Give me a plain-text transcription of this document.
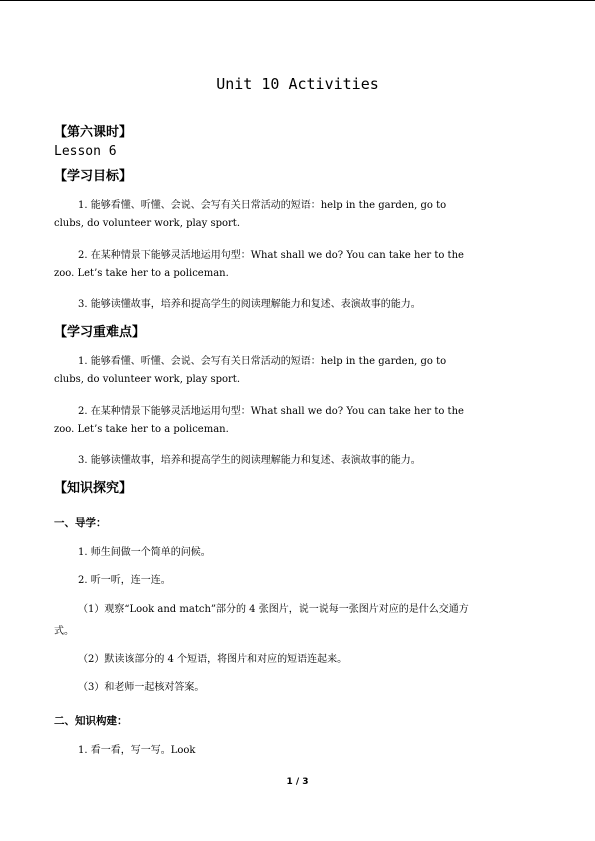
Unit 10 Activities
【第六课时】
Lesson 6
【学习目标】
1. 能够看懂、听懂、会说、会写有关日常活动的短语：help in the garden, go to
clubs, do volunteer work, play sport.
2. 在某种情景下能够灵活地运用句型：What shall we do? You can take her to the
zoo. Let’s take her to a policeman.
3. 能够读懂故事，培养和提高学生的阅读理解能力和复述、表演故事的能力。
【学习重难点】
1. 能够看懂、听懂、会说、会写有关日常活动的短语：help in the garden, go to
clubs, do volunteer work, play sport.
2. 在某种情景下能够灵活地运用句型：What shall we do? You can take her to the
zoo. Let’s take her to a policeman.
3. 能够读懂故事，培养和提高学生的阅读理解能力和复述、表演故事的能力。
【知识探究】
一、导学：
1. 师生间做一个简单的问候。
2. 听一听，连一连。
（1）观察“Look and match”部分的 4 张图片，说一说每一张图片对应的是什么交通方
式。
（2）默读该部分的 4 个短语，将图片和对应的短语连起来。
（3）和老师一起核对答案。
二、知识构建：
1. 看一看，写一写。Look
1 / 3
